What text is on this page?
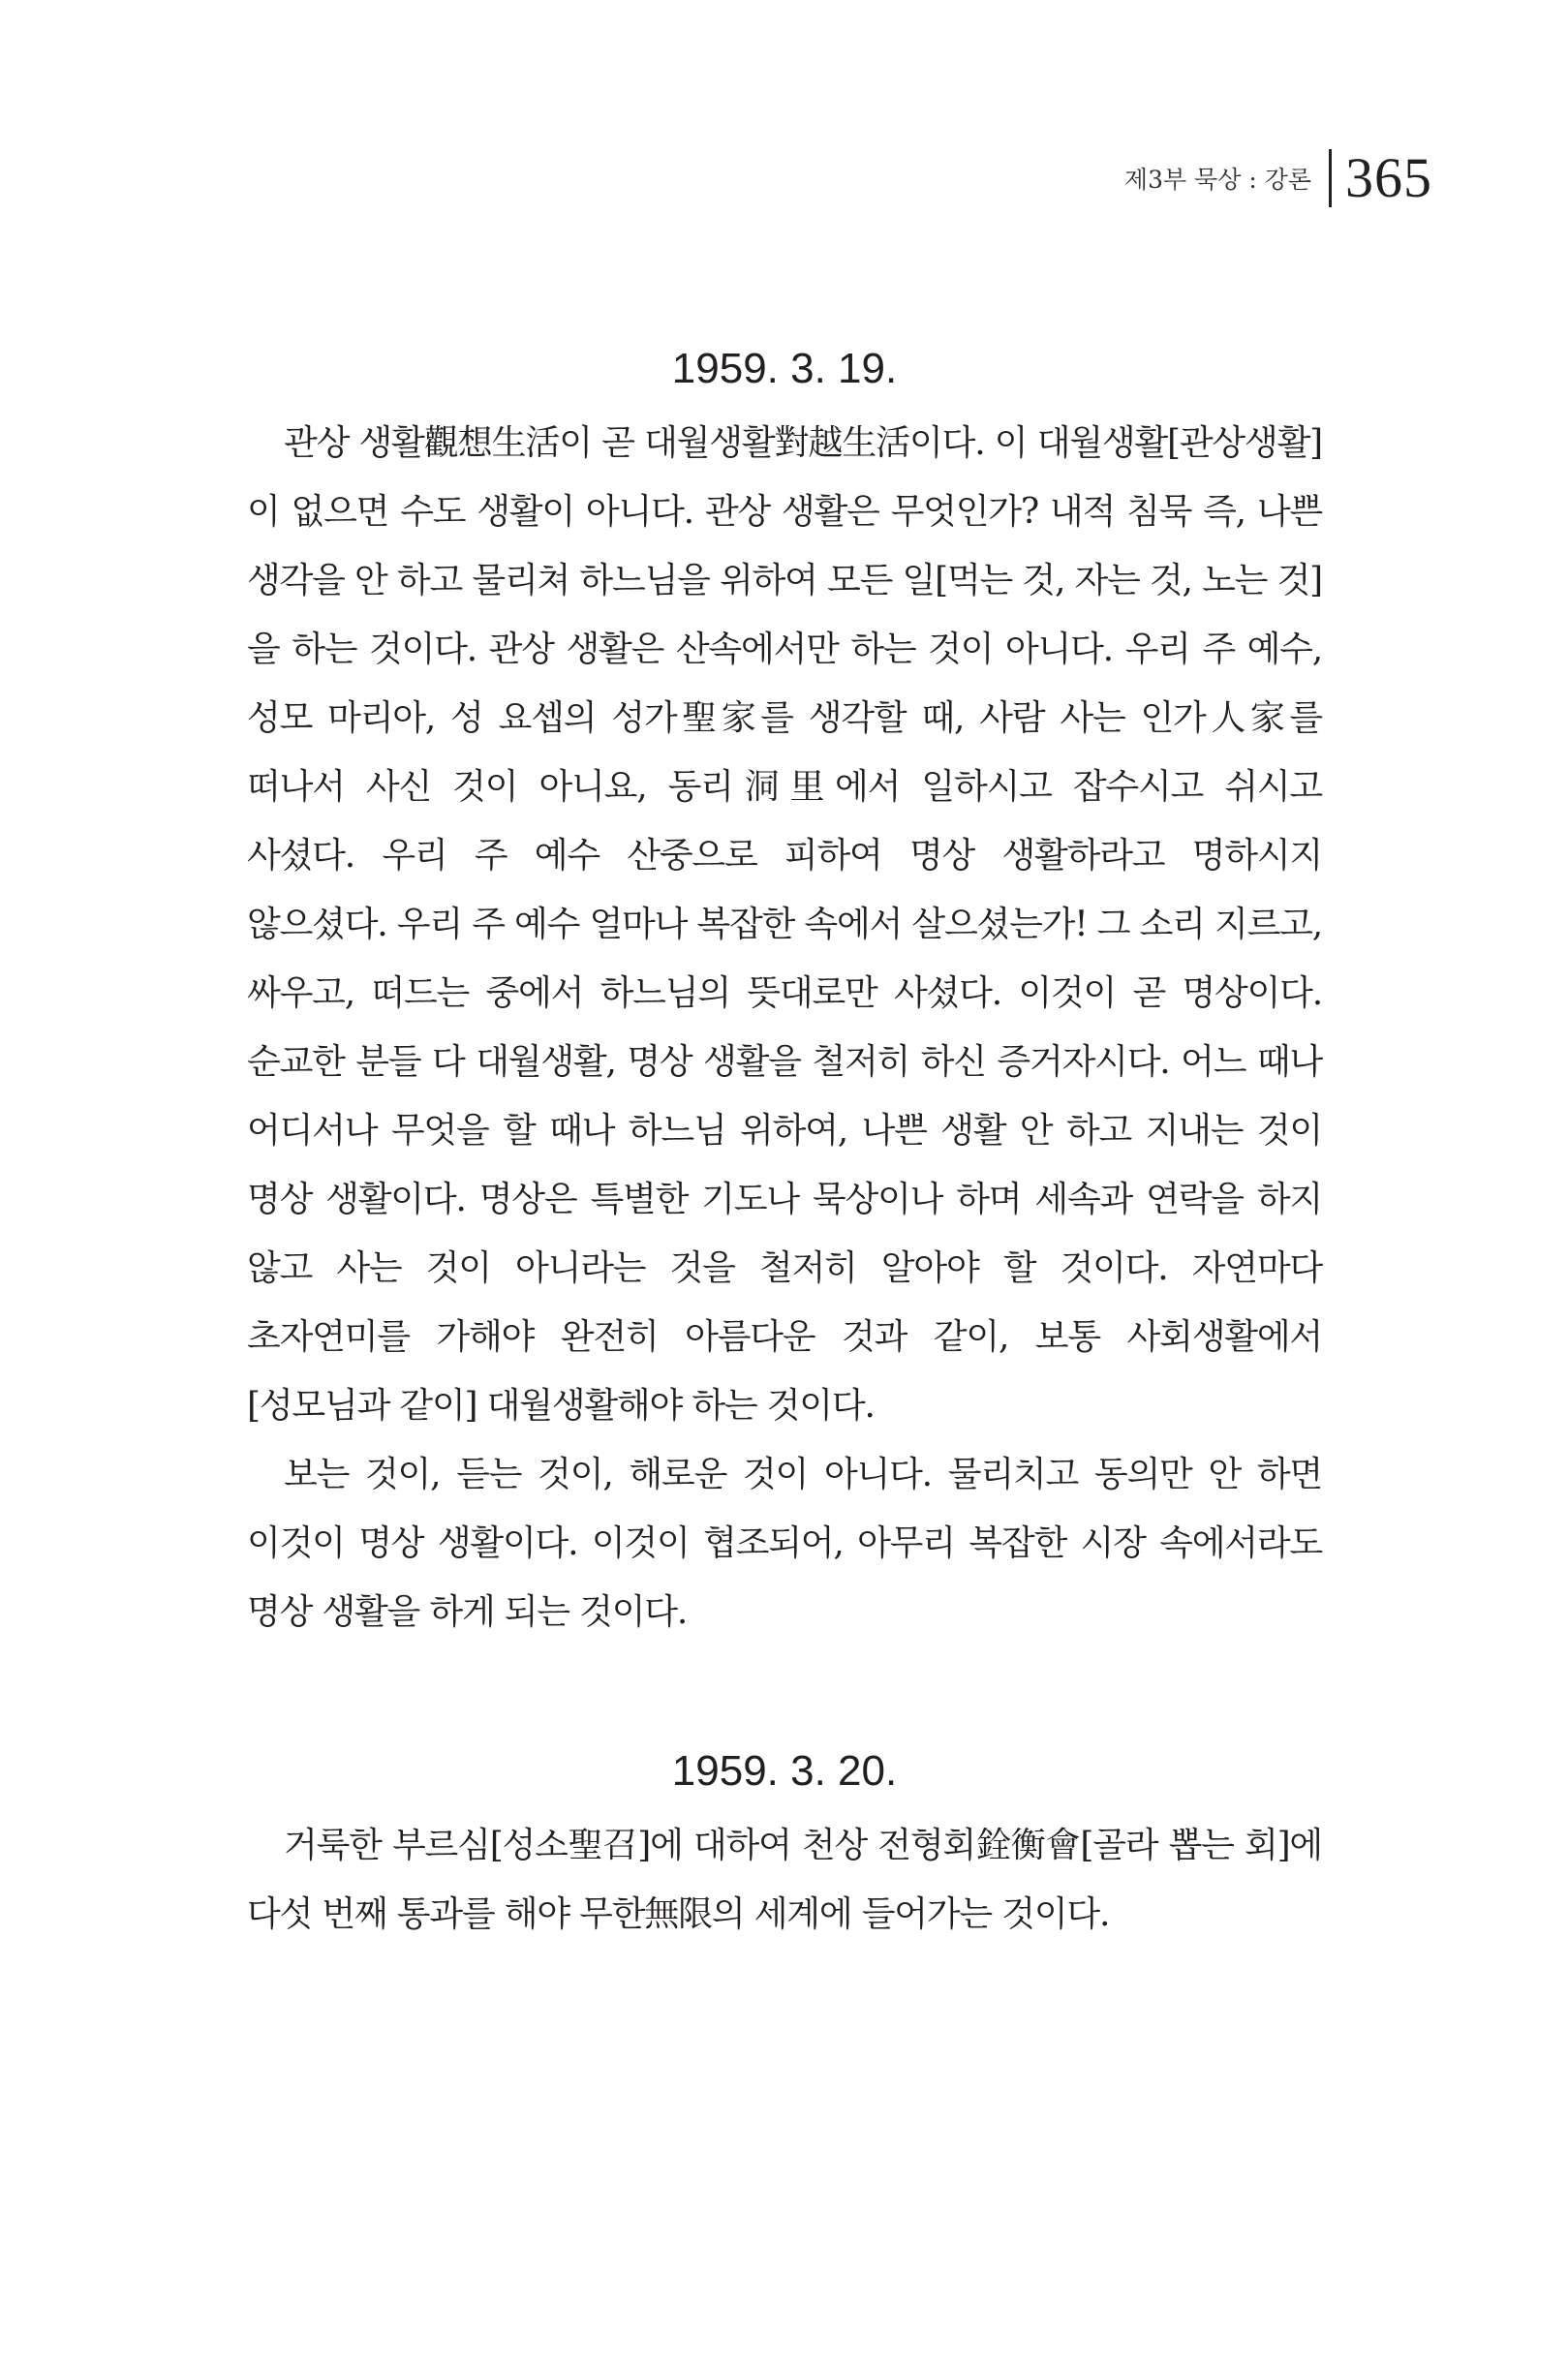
제3부 묵상 : 강론 365
1959. 3. 19.

관상 생활觀想生活이 곧 대월생활對越生活이다. 이 대월생활[관상생활]이 없으면 수도 생활이 아니다. 관상 생활은 무엇인가? 내적 침묵 즉, 나쁜 생각을 안 하고 물리쳐 하느님을 위하여 모든 일[먹는 것, 자는 것, 노는 것]을 하는 것이다. 관상 생활은 산속에서만 하는 것이 아니다. 우리 주 예수, 성모 마리아, 성 요셉의 성가聖家를 생각할 때, 사람 사는 인가人家를 떠나서 사신 것이 아니요, 동리洞里에서 일하시고 잡수시고 쉬시고 사셨다. 우리 주 예수 산중으로 피하여 명상 생활하라고 명하시지 않으셨다. 우리 주 예수 얼마나 복잡한 속에서 살으셨는가! 그 소리 지르고, 싸우고, 떠드는 중에서 하느님의 뜻대로만 사셨다. 이것이 곧 명상이다. 순교한 분들 다 대월생활, 명상 생활을 철저히 하신 증거자시다. 어느 때나 어디서나 무엇을 할 때나 하느님 위하여, 나쁜 생활 안 하고 지내는 것이 명상 생활이다. 명상은 특별한 기도나 묵상이나 하며 세속과 연락을 하지 않고 사는 것이 아니라는 것을 철저히 알아야 할 것이다. 자연마다 초자연미를 가해야 완전히 아름다운 것과 같이, 보통 사회생활에서 [성모님과 같이] 대월생활해야 하는 것이다.

보는 것이, 듣는 것이, 해로운 것이 아니다. 물리치고 동의만 안 하면 이것이 명상 생활이다. 이것이 협조되어, 아무리 복잡한 시장 속에서라도 명상 생활을 하게 되는 것이다.

1959. 3. 20.

거룩한 부르심[성소聖召]에 대하여 천상 전형회銓衡會[골라 뽑는 회]에 다섯 번째 통과를 해야 무한無限의 세계에 들어가는 것이다.
